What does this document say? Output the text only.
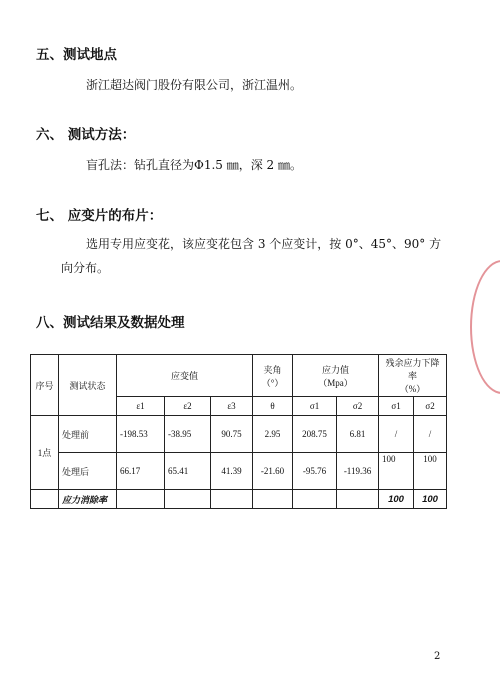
五、测试地点
浙江超达阀门股份有限公司，浙江温州。
六、 测试方法：
盲孔法：钻孔直径为Φ1.5 ㎜，深 2 ㎜。
七、 应变片的布片：
选用专用应变花，该应变花包含 3 个应变计，按 0°、45°、90° 方
向分布。
八、测试结果及数据处理
序号	测试状态	应变值			夹角
（°）	应力值
（Mpa）		残余应力下降率
（%）	
		ε1	ε2	ε3	θ	σ1	σ2	σ1	σ2
1点	处理前	-198.53	-38.95	90.75	2.95	208.75	6.81	/	/
	处理后	66.17	65.41	41.39	-21.60	-95.76	-119.36	100	100
	应力消除率							100	100
2
